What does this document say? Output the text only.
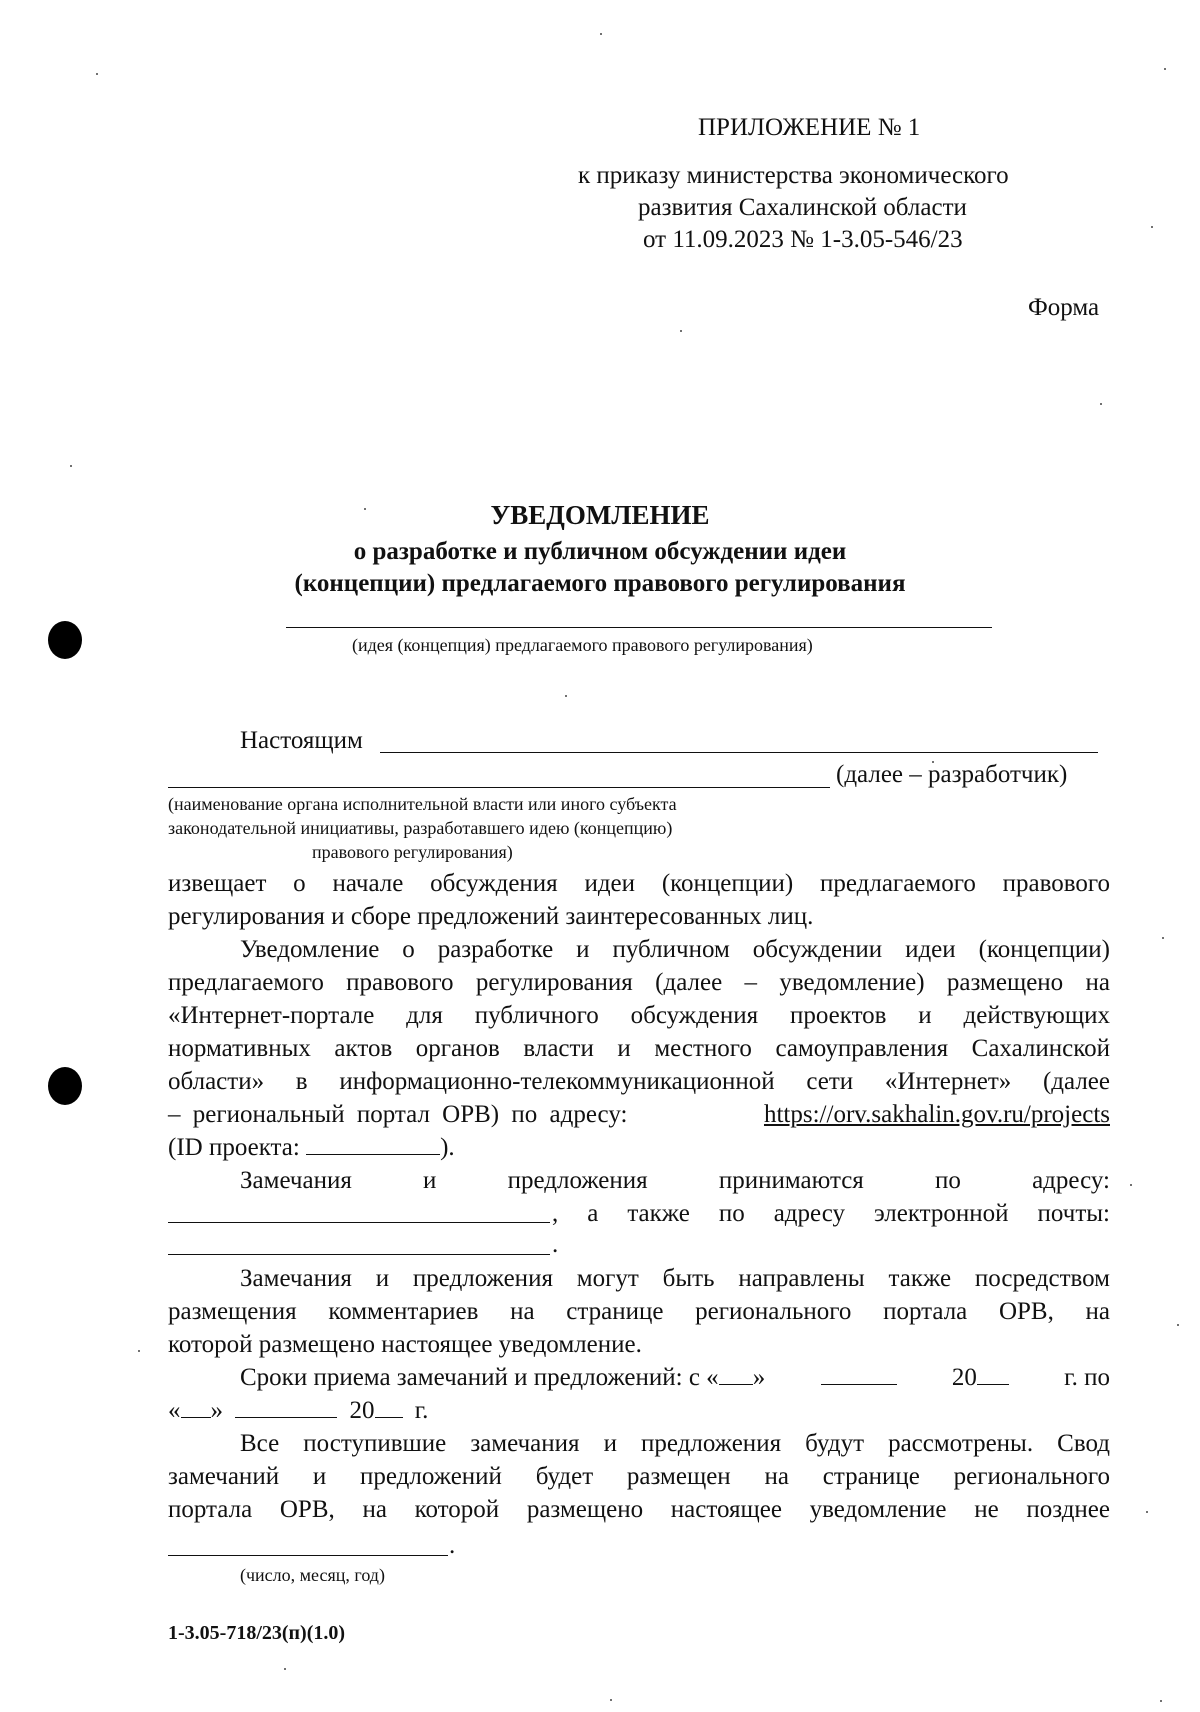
ПРИЛОЖЕНИЕ № 1
к приказу министерства экономического
развития Сахалинской области
от 11.09.2023 № 1-3.05-546/23
Форма
УВЕДОМЛЕНИЕ
о разработке и публичном обсуждении идеи
(концепции) предлагаемого правового регулирования
(идея (концепция) предлагаемого правового регулирования)
Настоящим
(далее – разработчик)
(наименование органа исполнительной власти или иного субъекта
законодательной инициативы, разработавшего идею (концепцию)
правового регулирования)
извещает о начале обсуждения идеи (концепции) предлагаемого правового
регулирования и сборе предложений заинтересованных лиц.
Уведомление о разработке и публичном обсуждении идеи (концепции)
предлагаемого правового регулирования (далее – уведомление) размещено на
«Интернет-портале для публичного обсуждения проектов и действующих
нормативных актов органов власти и местного самоуправления Сахалинской
области» в информационно-телекоммуникационной сети «Интернет» (далее
– региональный портал ОРВ) по адресу:	https://orv.sakhalin.gov.ru/projects
(ID проекта:	).
Замечания и предложения принимаются по адресу:
, а также по адресу электронной почты:
.
Замечания и предложения могут быть направлены также посредством
размещения комментариев на странице регионального портала ОРВ, на
которой размещено настоящее уведомление.
Сроки приема замечаний и предложений: с « »	20	г. по
« »	20 г.
Все поступившие замечания и предложения будут рассмотрены. Свод
замечаний и предложений будет размещен на странице регионального
портала ОРВ, на которой размещено настоящее уведомление не позднее
.
(число, месяц, год)
1-3.05-718/23(п)(1.0)
